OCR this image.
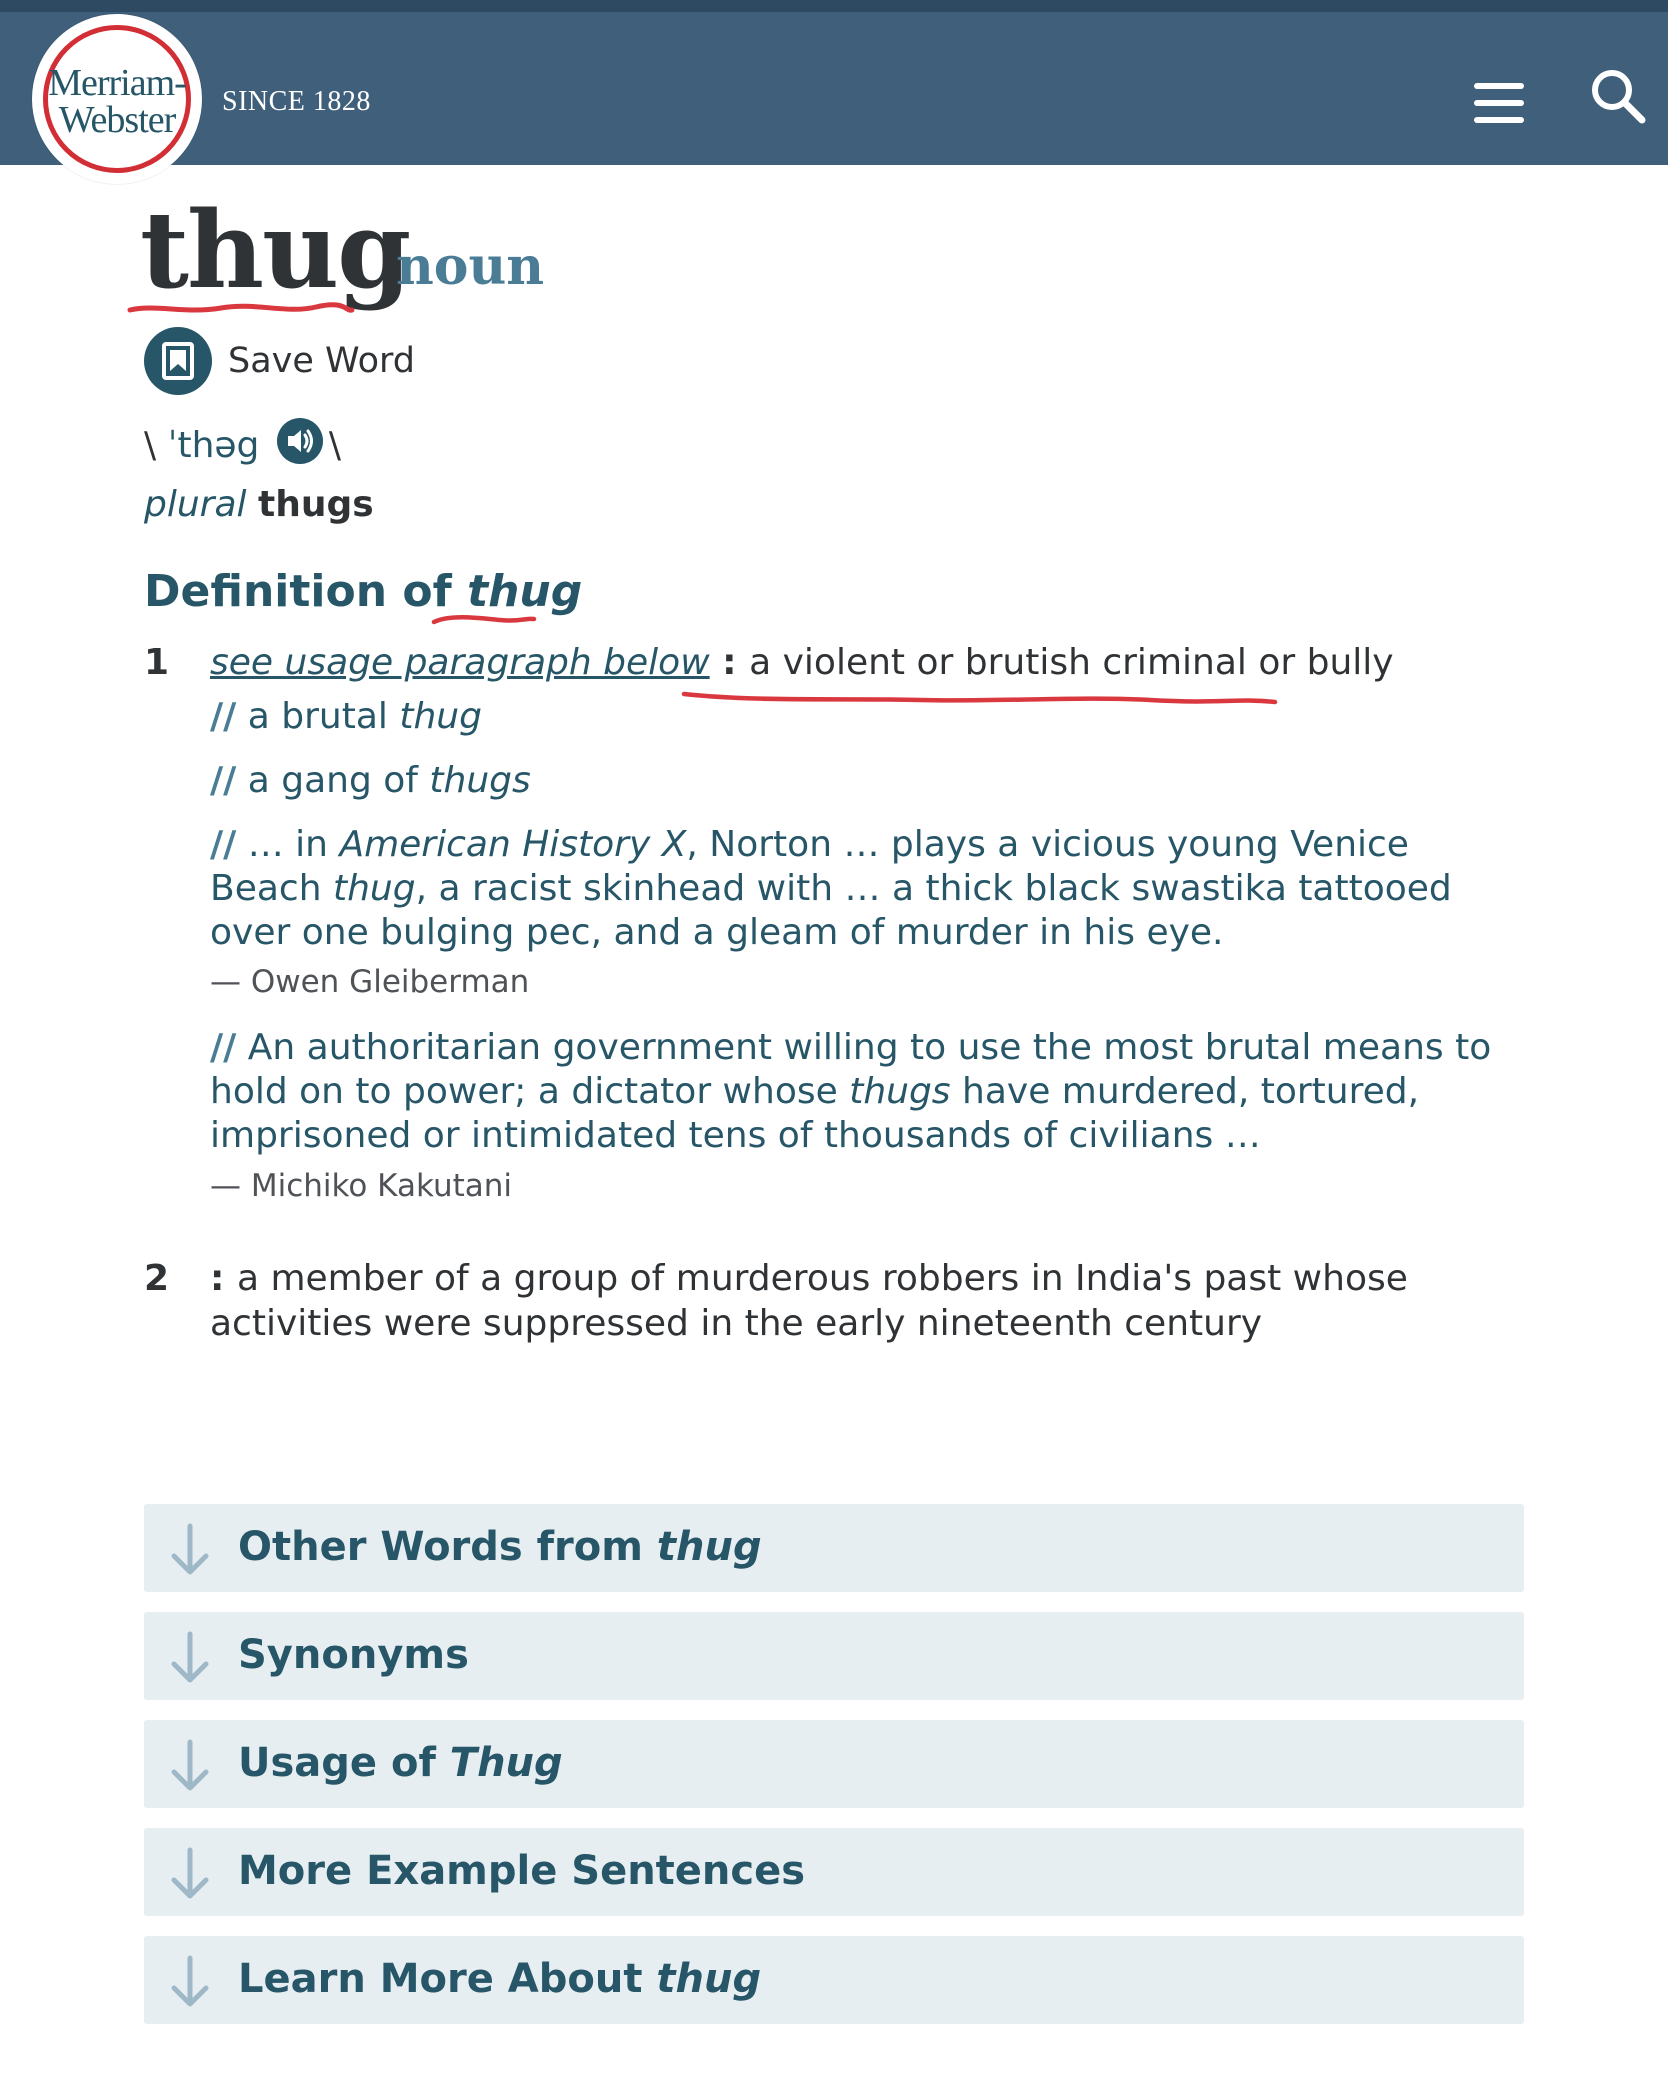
SINCE 1828
Merriam-
Webster
thug
noun
Save Word
\ ˈthəg \
plural thugs
Definition of thug
1 see usage paragraph below : a violent or brutish criminal or bully
// a brutal thug
// a gang of thugs
// … in American History X, Norton … plays a vicious young Venice Beach thug, a racist skinhead with … a thick black swastika tattooed over one bulging pec, and a gleam of murder in his eye.
— Owen Gleiberman
// An authoritarian government willing to use the most brutal means to hold on to power; a dictator whose thugs have murdered, tortured, imprisoned or intimidated tens of thousands of civilians …
— Michiko Kakutani
2 : a member of a group of murderous robbers in India's past whose activities were suppressed in the early nineteenth century
Other Words from thug
Synonyms
Usage of Thug
More Example Sentences
Learn More About thug
